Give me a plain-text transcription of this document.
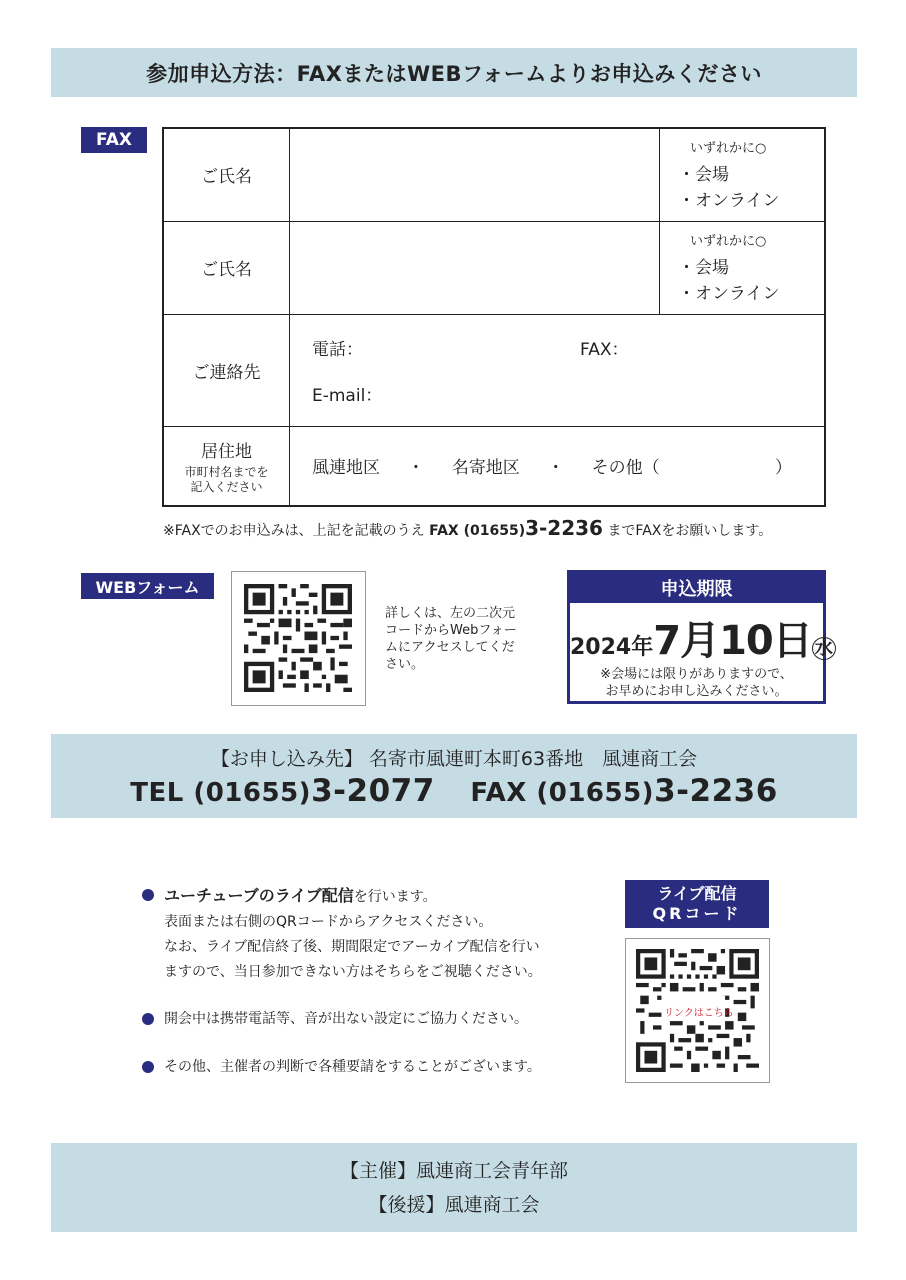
参加申込方法：FAXまたはWEBフォームよりお申込みください
FAX
ご氏名		いずれかに○
・会場
・オンライン

ご氏名		いずれかに○
・会場
・オンライン

ご連絡先	電話： FAX：
E-mail：	

居住地
市町村名までを
記入ください	風連地区 ・ 名寄地区 ・ その他（ ）	
※FAXでのお申込みは、上記を記載のうえ FAX (01655)3-2236 までFAXをお願いします。
WEBフォーム
詳しくは、左の二次元
コードからWebフォー
ムにアクセスしてくだ
さい。
申込期限
2024年7月10日 水
※会場には限りがありますので、
お早めにお申し込みください。
【お申し込み先】 名寄市風連町本町63番地　風連商工会
TEL (01655)3-2077 FAX (01655)3-2236
ユーチューブのライブ配信を行います。
表面または右側のQRコードからアクセスください。
なお、ライブ配信終了後、期間限定でアーカイブ配信を行い
ますので、当日参加できない方はそちらをご視聴ください。
開会中は携帯電話等、音が出ない設定にご協力ください。
その他、主催者の判断で各種要請をすることがございます。
ライブ配信
QRコード
リンクはこちら
【主催】風連商工会青年部
【後援】風連商工会
